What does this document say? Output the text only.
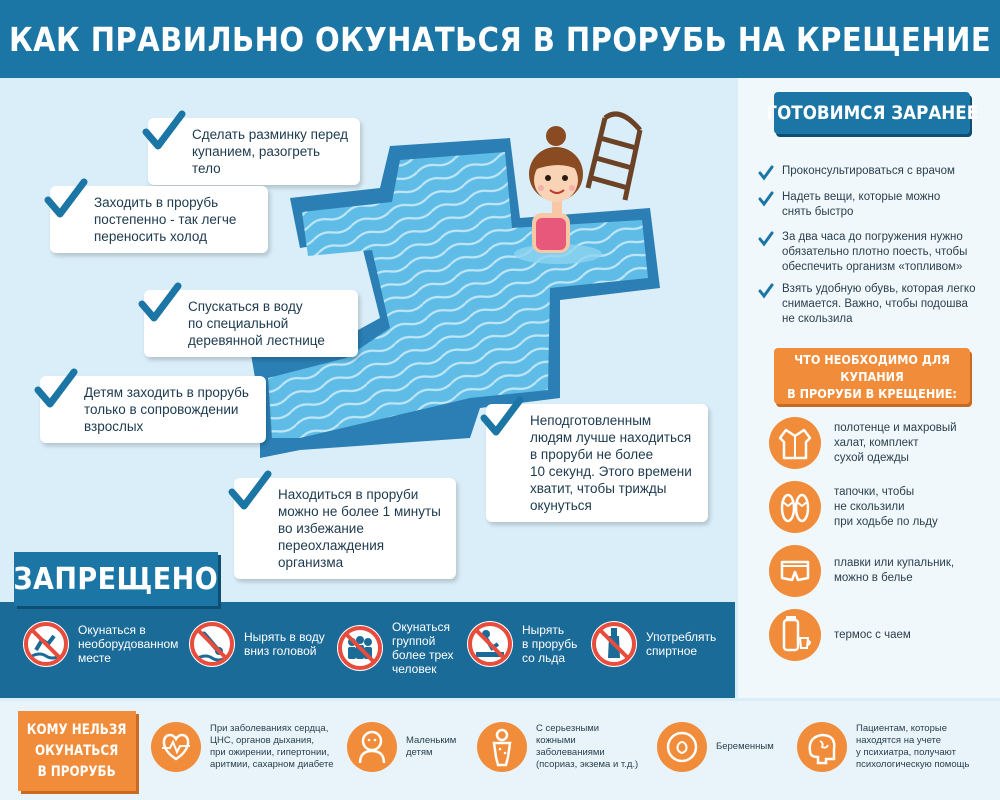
КАК ПРАВИЛЬНО ОКУНАТЬСЯ В ПРОРУБЬ НА КРЕЩЕНИЕ
Сделать разминку перед
купанием, разогреть тело
Заходить в прорубь
постепенно - так легче
переносить холод
Спускаться в воду
по специальной
деревянной лестнице
Детям заходить в прорубь
только в сопровождении
взрослых	Неподготовленным
людям лучше находиться
в проруби не более
10 секунд. Этого времени
хватит, чтобы трижды
окунуться
Находиться в проруби
можно не более 1 минуты
во избежание
переохлаждения
организма
Окунаться в
необорудованном
месте
Нырять в воду
вниз головой
Окунаться
группой
более трех
человек
Нырять
в прорубь
со льда
Употреблять
спиртное
ЗАПРЕЩЕНО
ГОТОВИМСЯ ЗАРАНЕЕ
Проконсультироваться с врачом
Надеть вещи, которые можно
снять быстро
За два часа до погружения нужно
обязательно плотно поесть, чтобы
обеспечить организм «топливом»
Взять удобную обувь, которая легко
снимается. Важно, чтобы подошва
не скользила
ЧТО НЕОБХОДИМО ДЛЯ КУПАНИЯ
В ПРОРУБИ В КРЕЩЕНИЕ:
полотенце и махровый
халат, комплект
сухой одежды
тапочки, чтобы
не скользили
при ходьбе по льду
плавки или купальник,
можно в белье
термос с чаем
КОМУ НЕЛЬЗЯ
ОКУНАТЬСЯ
В ПРОРУБЬ
При заболеваниях сердца,
ЦНС, органов дыхания,
при ожирении, гипертонии,
аритмии, сахарном диабете
Маленьким
детям
С серьезными
кожными
заболеваниями
(псориаз, экзема и т.д.)
Беременным
Пациентам, которые
находятся на учете
у психиатра, получают
психологическую помощь
